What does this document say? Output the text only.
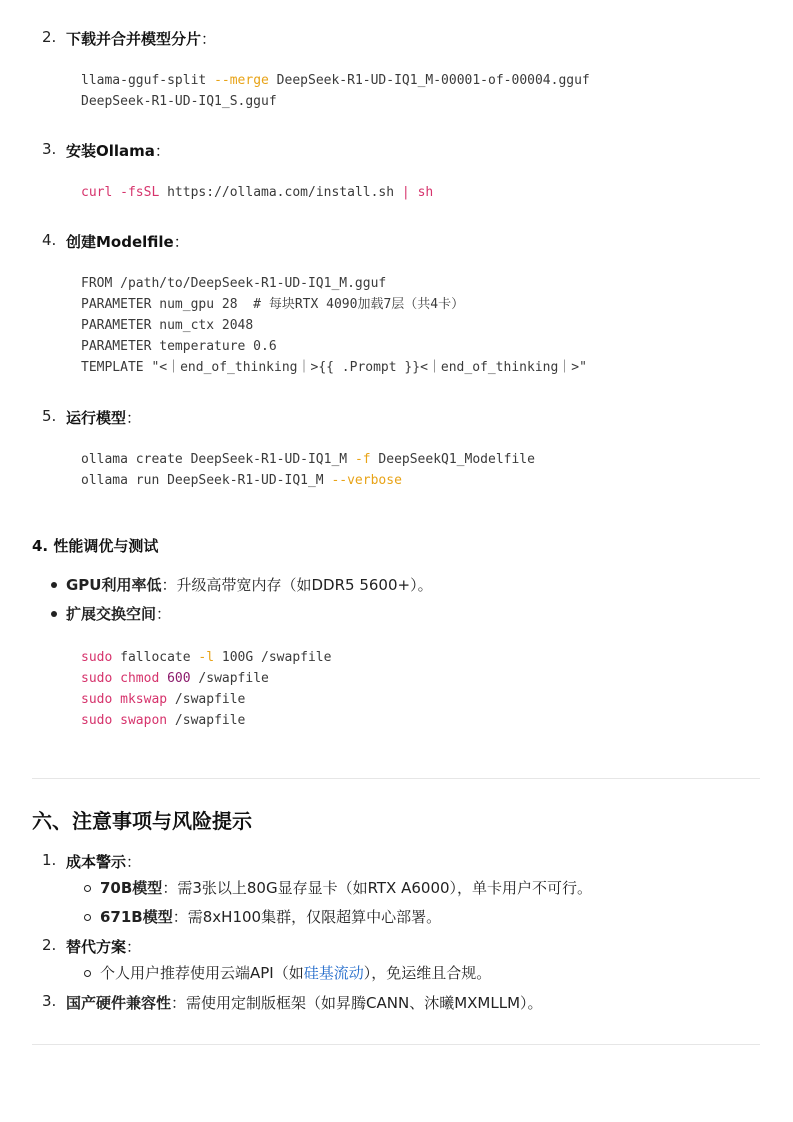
2. 下载并合并模型分片：
llama-gguf-split --merge DeepSeek-R1-UD-IQ1_M-00001-of-00004.gguf
DeepSeek-R1-UD-IQ1_S.gguf
3. 安装Ollama：
curl -fsSL https://ollama.com/install.sh | sh
4. 创建Modelfile：
FROM /path/to/DeepSeek-R1-UD-IQ1_M.gguf
PARAMETER num_gpu 28  # 每块RTX 4090加载7层（共4卡）
PARAMETER num_ctx 2048
PARAMETER temperature 0.6
TEMPLATE "<｜end_of_thinking｜>{{ .Prompt }}<｜end_of_thinking｜>"
5. 运行模型：
ollama create DeepSeek-R1-UD-IQ1_M -f DeepSeekQ1_Modelfile
ollama run DeepSeek-R1-UD-IQ1_M --verbose
4. 性能调优与测试
GPU利用率低：升级高带宽内存（如DDR5 5600+）。
扩展交换空间：
sudo fallocate -l 100G /swapfile
sudo chmod 600 /swapfile
sudo mkswap /swapfile
sudo swapon /swapfile
六、注意事项与风险提示
1. 成本警示：
70B模型：需3张以上80G显存显卡（如RTX A6000），单卡用户不可行。
671B模型：需8xH100集群，仅限超算中心部署。
2. 替代方案：
个人用户推荐使用云端API（如硅基流动），免运维且合规。
3. 国产硬件兼容性：需使用定制版框架（如昇腾CANN、沐曦MXMLLM）。
